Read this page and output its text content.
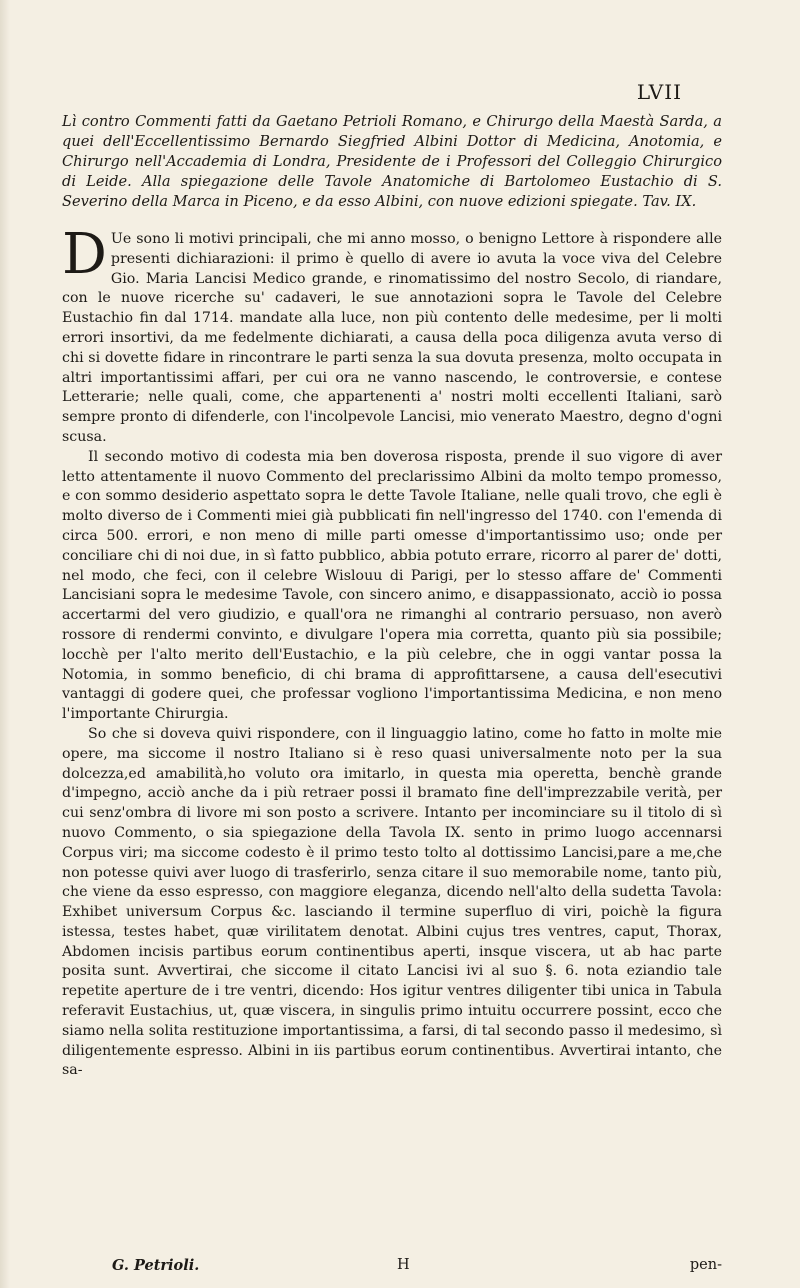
LVII

Lì contro Commenti fatti da Gaetano Petrioli Romano, e Chirurgo della Maestà Sarda, a quei dell'Eccellentissimo Bernardo Siegfried Albini Dottor di Medicina, Anotomia, e Chirurgo nell'Accademia di Londra, Presidente de i Professori del Colleggio Chirurgico di Leide. Alla spiegazione delle Tavole Anatomiche di Bartolomeo Eustachio di S. Severino della Marca in Piceno, e da esso Albini, con nuove edizioni spiegate. Tav. IX.

D Ue sono li motivi principali, che mi anno mosso, o benigno Lettore à rispondere alle presenti dichiarazioni: il primo è quello di avere io avuta la voce viva del Celebre Gio. Maria Lancisi Medico grande, e rinomatissimo del nostro Secolo, di riandare, con le nuove ricerche su' cadaveri, le sue annotazioni sopra le Tavole del Celebre Eustachio fin dal 1714. mandate alla luce, non più contento delle medesime, per li molti errori insortivi, da me fedelmente dichiarati, a causa della poca diligenza avuta verso di chi si dovette fidare in rincontrare le parti senza la sua dovuta presenza, molto occupata in altri importantissimi affari, per cui ora ne vanno nascendo, le controversie, e contese Letterarie; nelle quali, come, che appartenenti a' nostri molti eccellenti Italiani, sarò sempre pronto di difenderle, con l'incolpevole Lancisi, mio venerato Maestro, degno d'ogni scusa.

Il secondo motivo di codesta mia ben doverosa risposta, prende il suo vigore di aver letto attentamente il nuovo Commento del preclarissimo Albini da molto tempo promesso, e con sommo desiderio aspettato sopra le dette Tavole Italiane, nelle quali trovo, che egli è molto diverso de i Commenti miei già pubblicati fin nell'ingresso del 1740. con l'emenda di circa 500. errori, e non meno di mille parti omesse d'importantissimo uso; onde per conciliare chi di noi due, in sì fatto pubblico, abbia potuto errare, ricorro al parer de' dotti, nel modo, che feci, con il celebre Wislouu di Parigi, per lo stesso affare de' Commenti Lancisiani sopra le medesime Tavole, con sincero animo, e disappassionato, acciò io possa accertarmi del vero giudizio, e quall'ora ne rimanghi al contrario persuaso, non averò rossore di rendermi convinto, e divulgare l'opera mia corretta, quanto più sia possibile; locchè per l'alto merito dell'Eustachio, e la più celebre, che in oggi vantar possa la Notomia, in sommo beneficio, di chi brama di approfittarsene, a causa dell'esecutivi vantaggi di godere quei, che professar vogliono l'importantissima Medicina, e non meno l'importante Chirurgia.

So che si doveva quivi rispondere, con il linguaggio latino, come ho fatto in molte mie opere, ma siccome il nostro Italiano si è reso quasi universalmente noto per la sua dolcezza,ed amabilità,ho voluto ora imitarlo, in questa mia operetta, benchè grande d'impegno, acciò anche da i più retraer possi il bramato fine dell'imprezzabile verità, per cui senz'ombra di livore mi son posto a scrivere. Intanto per incominciare su il titolo di sì nuovo Commento, o sia spiegazione della Tavola IX. sento in primo luogo accennarsi Corpus viri; ma siccome codesto è il primo testo tolto al dottissimo Lancisi,pare a me,che non potesse quivi aver luogo di trasferirlo, senza citare il suo memorabile nome, tanto più, che viene da esso espresso, con maggiore eleganza, dicendo nell'alto della sudetta Tavola: Exhibet universum Corpus &c. lasciando il termine superfluo di viri, poichè la figura istessa, testes habet, quæ virilitatem denotat. Albini cujus tres ventres, caput, Thorax, Abdomen incisis partibus eorum continentibus aperti, insque viscera, ut ab hac parte posita sunt. Avvertirai, che siccome il citato Lancisi ivi al suo §. 6. nota eziandio tale repetite aperture de i tre ventri, dicendo: Hos igitur ventres diligenter tibi unica in Tabula referavit Eustachius, ut, quæ viscera, in singulis primo intuitu occurrere possint, ecco che siamo nella solita restituzione importantissima, a farsi, di tal secondo passo il medesimo, sì diligentemente espresso. Albini in iis partibus eorum continentibus. Avvertirai intanto, che sa-

G. Petrioli.	H	pen-
